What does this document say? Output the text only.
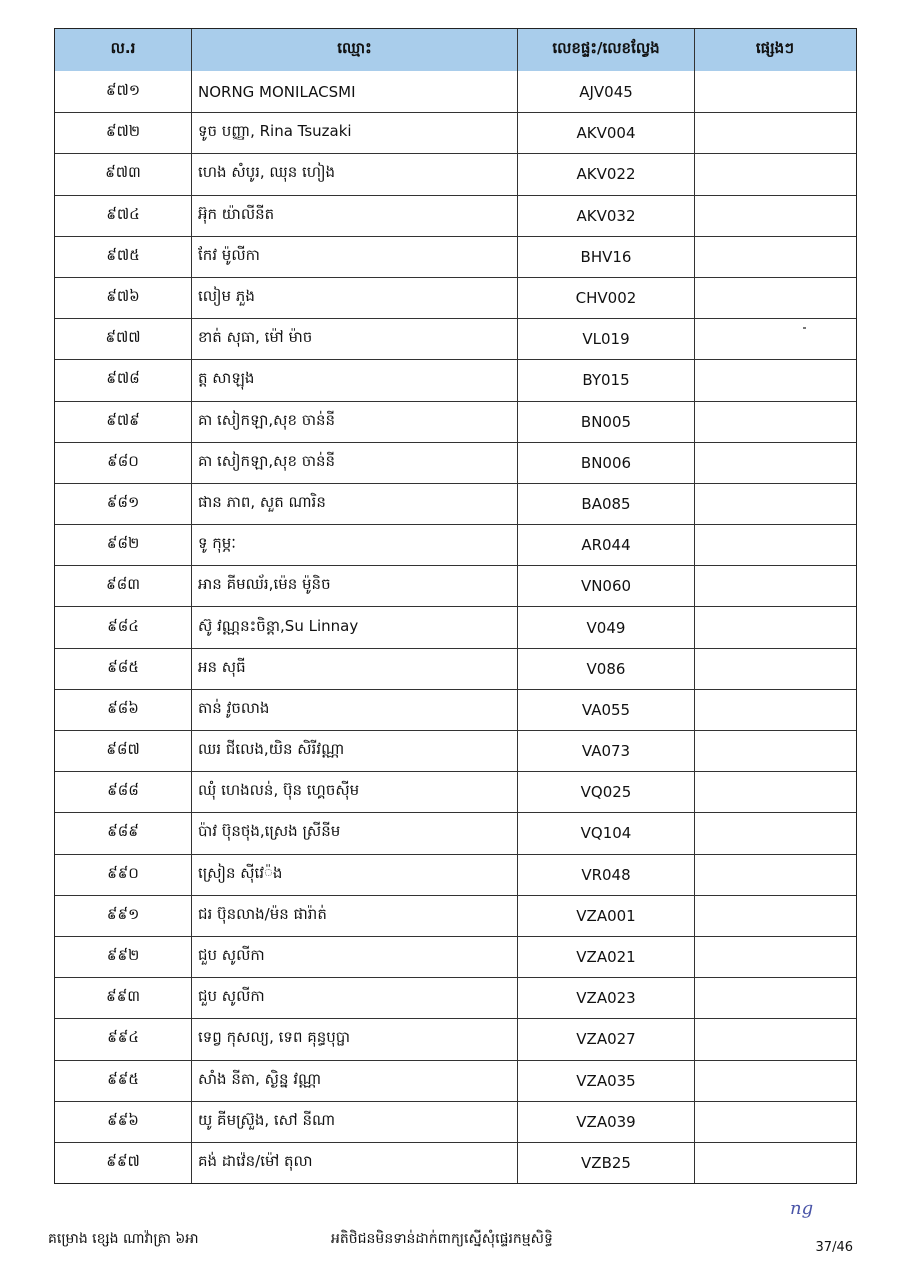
ល.រ	ឈ្មោះ	លេខផ្ទះ/លេខល្វែង	ផ្សេងៗ
៩៧១	NORNG MONILACSMI	AJV045
៩៧២	ទូច បញ្ញា, Rina Tsuzaki	AKV004
៩៧៣	ហេង សំបូរ, ឈុន ហៀង	AKV022
៩៧៤	អ៊ុក យ៉ាលីនីត	AKV032
៩៧៥	កែវ ម៉ូលីកា	BHV16
៩៧៦	លៀម ភួង	CHV002
៩៧៧	ខាត់ សុធា, ម៉ៅ ម៉ាច	VL019
៩៧៨	ត្ត សាឡុង	BY015
៩៧៩	គា សៀកឡា,សុខ ចាន់នី	BN005
៩៨០	គា សៀកឡា,សុខ ចាន់នី	BN006
៩៨១	ផាន ភាព, សួត ណារិន	BA085
៩៨២	ទូ កុម្ភៈ	AR044
៩៨៣	អាន គីមឈ័រ,ម៉េន ម៉ូនិច	VN060
៩៨៤	ស៊ូ វណ្ណនះចិន្តា,Su Linnay	V049
៩៨៥	អន សុធី	V086
៩៨៦	តាន់ វូចលាង	VA055
៩៨៧	ឈរ ជីលេង,យិន សិរីវណ្ណា	VA073
៩៨៨	ឈុំ ហេងលន់, ប៊ុន ហ្គេចស៊ីម	VQ025
៩៨៩	ប៉ាវ ប៊ុនថុង,ស្រេង ស្រីនីម	VQ104
៩៩០	ស្រៀន ស៊ីវេ៉ង	VR048
៩៩១	ជរ ប៊ុនលាង/ម៉ន ផារ៉ាត់	VZA001
៩៩២	ជួប សូលីកា	VZA021
៩៩៣	ជួប សូលីកា	VZA023
៩៩៤	ទេព្វ កុសល្យ, ទេព គុន្ធបុប្ផា	VZA027
៩៩៥	សាំង នីតា, ស្ងិន្ន វណ្ណា	VZA035
៩៩៦	យូ គីមស្រ៊ួង, សៅ នីណា	VZA039
៩៩៧	គង់ ដាវ៉េន/ម៉ៅ តុលា	VZB25
គម្រោង ខ្សេង ណាវ៉ាត្រា ៦អា	អតិថិជនមិនទាន់ដាក់ពាក្យស្នើសុំផ្ទេរកម្មសិទ្ធិ
ng
37/46
